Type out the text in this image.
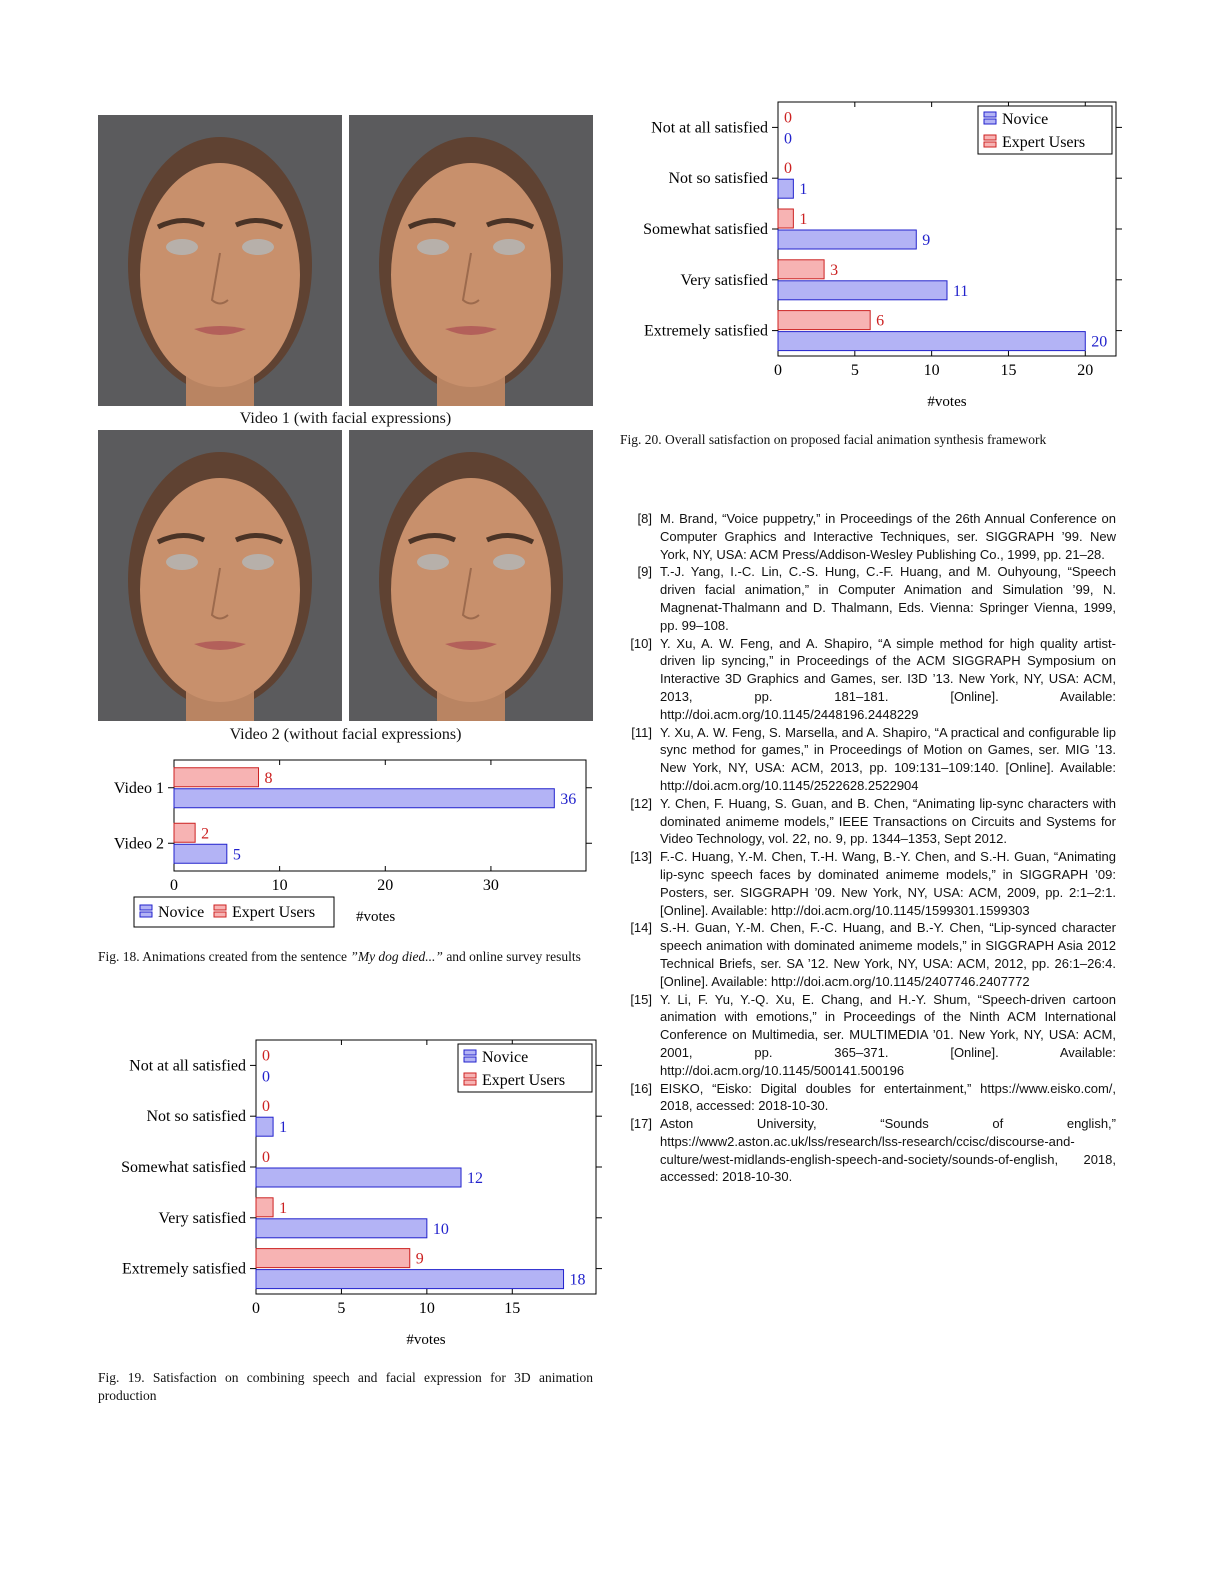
Video 1 (with facial expressions)
Video 2 (without facial expressions)
0	10	20	30
Video 1
8
36
Video 2
2
5
Novice Expert Users	#votes
Fig. 18. Animations created from the sentence ”My dog died...” and online survey results
0	5	10	15
Not at all satisfied
0
0
Not so satisfied
0
1
Somewhat satisfied
0
12
Very satisfied
1
10
Extremely satisfied
9
18
Novice
Expert Users
#votes
Fig. 19. Satisfaction on combining speech and facial expression for 3D animation production
0	5	10	15	20
Not at all satisfied
0
0
Not so satisfied
0
1
Somewhat satisfied
1
9
Very satisfied
3
11
Extremely satisfied
6
20
Novice
Expert Users
#votes
Fig. 20. Overall satisfaction on proposed facial animation synthesis framework
[8] M. Brand, “Voice puppetry,” in Proceedings of the 26th Annual Conference on Computer Graphics and Interactive Techniques, ser. SIGGRAPH ’99. New York, NY, USA: ACM Press/Addison-Wesley Publishing Co., 1999, pp. 21–28.
[9] T.-J. Yang, I.-C. Lin, C.-S. Hung, C.-F. Huang, and M. Ouhyoung, “Speech driven facial animation,” in Computer Animation and Simulation ’99, N. Magnenat-Thalmann and D. Thalmann, Eds. Vienna: Springer Vienna, 1999, pp. 99–108.
[10] Y. Xu, A. W. Feng, and A. Shapiro, “A simple method for high quality artist-driven lip syncing,” in Proceedings of the ACM SIGGRAPH Symposium on Interactive 3D Graphics and Games, ser. I3D ’13. New York, NY, USA: ACM, 2013, pp. 181–181. [Online]. Available: http://doi.acm.org/10.1145/2448196.2448229
[11] Y. Xu, A. W. Feng, S. Marsella, and A. Shapiro, “A practical and configurable lip sync method for games,” in Proceedings of Motion on Games, ser. MIG ’13. New York, NY, USA: ACM, 2013, pp. 109:131–109:140. [Online]. Available: http://doi.acm.org/10.1145/2522628.2522904
[12] Y. Chen, F. Huang, S. Guan, and B. Chen, “Animating lip-sync characters with dominated animeme models,” IEEE Transactions on Circuits and Systems for Video Technology, vol. 22, no. 9, pp. 1344–1353, Sept 2012.
[13] F.-C. Huang, Y.-M. Chen, T.-H. Wang, B.-Y. Chen, and S.-H. Guan, “Animating lip-sync speech faces by dominated animeme models,” in SIGGRAPH ’09: Posters, ser. SIGGRAPH ’09. New York, NY, USA: ACM, 2009, pp. 2:1–2:1. [Online]. Available: http://doi.acm.org/10.1145/1599301.1599303
[14] S.-H. Guan, Y.-M. Chen, F.-C. Huang, and B.-Y. Chen, “Lip-synced character speech animation with dominated animeme models,” in SIGGRAPH Asia 2012 Technical Briefs, ser. SA ’12. New York, NY, USA: ACM, 2012, pp. 26:1–26:4. [Online]. Available: http://doi.acm.org/10.1145/2407746.2407772
[15] Y. Li, F. Yu, Y.-Q. Xu, E. Chang, and H.-Y. Shum, “Speech-driven cartoon animation with emotions,” in Proceedings of the Ninth ACM International Conference on Multimedia, ser. MULTIMEDIA ’01. New York, NY, USA: ACM, 2001, pp. 365–371. [Online]. Available: http://doi.acm.org/10.1145/500141.500196
[16] EISKO, “Eisko: Digital doubles for entertainment,” https://www.eisko.com/, 2018, accessed: 2018-10-30.
[17] Aston University, “Sounds of english,” https://www2.aston.ac.uk/lss/research/lss-research/ccisc/discourse-and-culture/west-midlands-english-speech-and-society/sounds-of-english, 2018, accessed: 2018-10-30.
